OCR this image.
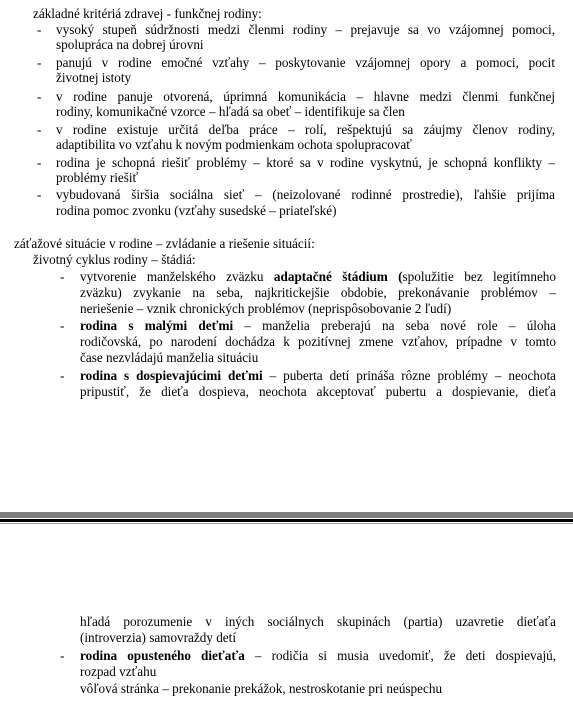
základné kritériá zdravej - funkčnej rodiny:
- vysoký stupeň súdržnosti medzi členmi rodiny – prejavuje sa vo vzájomnej pomoci,
spolupráca na dobrej úrovni
- panujú v rodine emočné vzťahy – poskytovanie vzájomnej opory a pomoci, pocit
životnej istoty
- v rodine panuje otvorená, úprimná komunikácia – hlavne medzi členmi funkčnej
rodiny, komunikačné vzorce – hľadá sa obeť – identifikuje sa člen
- v rodine existuje určitá deľba práce – rolí, rešpektujú sa záujmy členov rodiny,
adaptibilita vo vzťahu k novým podmienkam ochota spolupracovať
- rodina je schopná riešiť problémy – ktoré sa v rodine vyskytnú, je schopná konflikty –
problémy riešiť
- vybudovaná širšia sociálna sieť – (neizolované rodinné prostredie), ľahšie prijíma
rodina pomoc zvonku (vzťahy susedské – priateľské)
záťažové situácie v rodine – zvládanie a riešenie situácií:
životný cyklus rodiny – štádiá:
- vytvorenie manželského zväzku adaptačné štádium (spolužitie bez legitímneho
zväzku) zvykanie na seba, najkritickejšie obdobie, prekonávanie problémov –
neriešenie – vznik chronických problémov (neprispôsobovanie 2 ľudí)
- rodina s malými deťmi – manželia preberajú na seba nové role – úloha
rodičovská, po narodení dochádza k pozitívnej zmene vzťahov, prípadne v tomto
čase nezvládajú manželia situáciu
- rodina s dospievajúcimi deťmi – puberta detí prináša rôzne problémy – neochota
pripustiť, že dieťa dospieva, neochota akceptovať pubertu a dospievanie, dieťa
hľadá porozumenie v iných sociálnych skupinách (partia) uzavretie dieťaťa
(introverzia) samovraždy detí
- rodina opusteného dieťaťa – rodičia si musia uvedomiť, že deti dospievajú,
rozpad vzťahu
vôľová stránka – prekonanie prekážok, nestroskotanie pri neúspechu
